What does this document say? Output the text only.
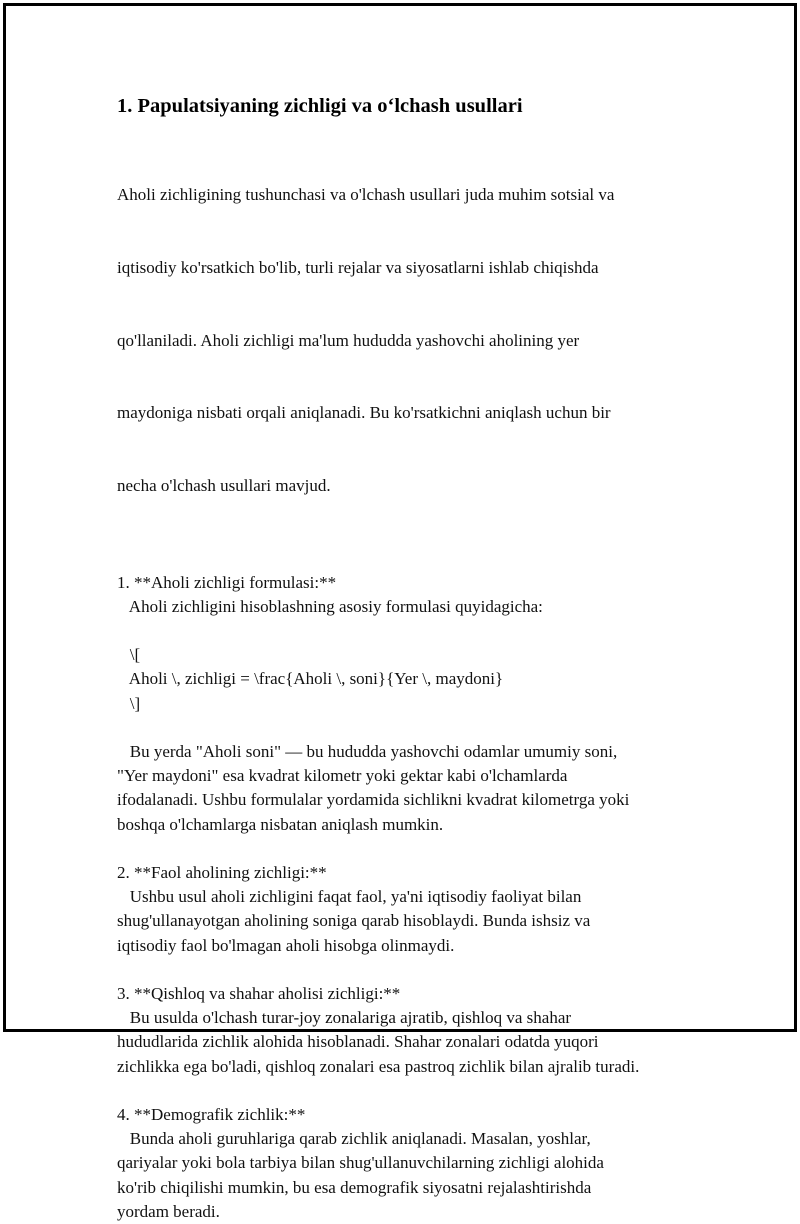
1. Papulatsiyaning zichligi va o‘lchash usullari

Aholi zichligining tushunchasi va o'lchash usullari juda muhim sotsial va

iqtisodiy ko'rsatkich bo'lib, turli rejalar va siyosatlarni ishlab chiqishda

qo'llaniladi. Aholi zichligi ma'lum hududda yashovchi aholining yer

maydoniga nisbati orqali aniqlanadi. Bu ko'rsatkichni aniqlash uchun bir

necha o'lchash usullari mavjud.

1. **Aholi zichligi formulasi:**
Aholi zichligini hisoblashning asosiy formulasi quyidagicha:
\[
Aholi \, zichligi = \frac{Aholi \, soni}{Yer \, maydoni}
\]
Bu yerda "Aholi soni" — bu hududda yashovchi odamlar umumiy soni,
"Yer maydoni" esa kvadrat kilometr yoki gektar kabi o'lchamlarda
ifodalanadi. Ushbu formulalar yordamida sichlikni kvadrat kilometrga yoki
boshqa o'lchamlarga nisbatan aniqlash mumkin.
2. **Faol aholining zichligi:**
Ushbu usul aholi zichligini faqat faol, ya'ni iqtisodiy faoliyat bilan
shug'ullanayotgan aholining soniga qarab hisoblaydi. Bunda ishsiz va
iqtisodiy faol bo'lmagan aholi hisobga olinmaydi.
3. **Qishloq va shahar aholisi zichligi:**
Bu usulda o'lchash turar-joy zonalariga ajratib, qishloq va shahar
hududlarida zichlik alohida hisoblanadi. Shahar zonalari odatda yuqori
zichlikka ega bo'ladi, qishloq zonalari esa pastroq zichlik bilan ajralib turadi.
4. **Demografik zichlik:**
Bunda aholi guruhlariga qarab zichlik aniqlanadi. Masalan, yoshlar,
qariyalar yoki bola tarbiya bilan shug'ullanuvchilarning zichligi alohida
ko'rib chiqilishi mumkin, bu esa demografik siyosatni rejalashtirishda
yordam beradi.
